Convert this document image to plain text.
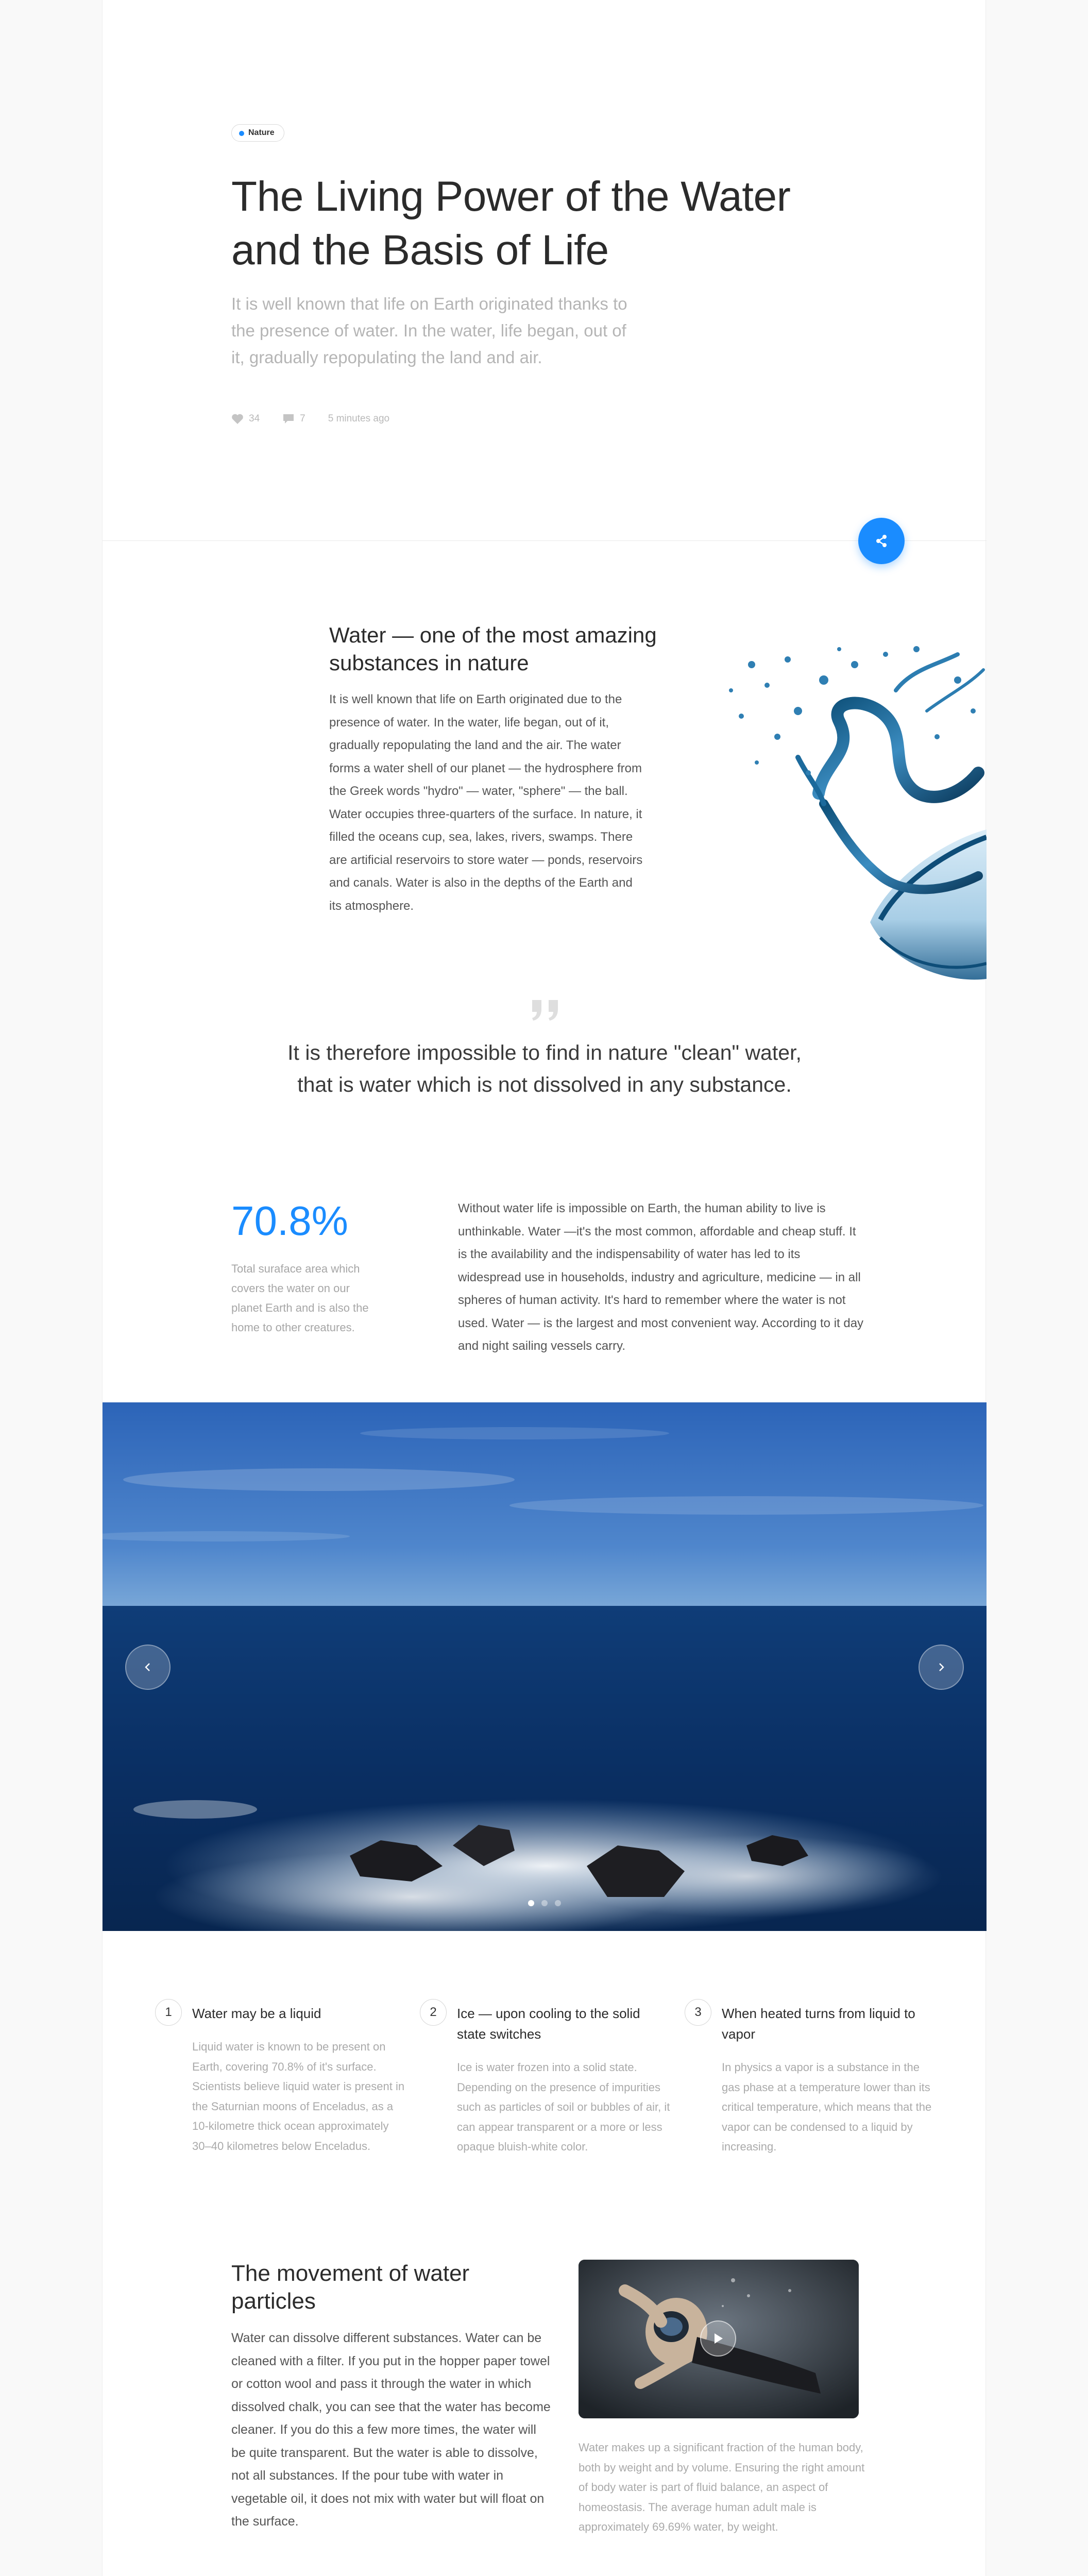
Nature
The Living Power of the Water and the Basis of Life

It is well known that life on Earth originated thanks to the presence of water. In the water, life began, out of it, gradually repopulating the land and air.

34	7 5 minutes ago
Water — one of the most amazing substances in nature

It is well known that life on Earth originated due to the presence of water. In the water, life began, out of it, gradually repopulating the land and the air. The water forms a water shell of our planet — the hydrosphere from the Greek words "hydro" — water, "sphere" — the ball. Water occupies three-quarters of the surface. In nature, it filled the oceans cup, sea, lakes, rivers, swamps. There are artificial reservoirs to store water — ponds, reservoirs and canals. Water is also in the depths of the Earth and its atmosphere.

It is therefore impossible to find in nature "clean" water, that is water which is not dissolved in any substance.

70.8%

Total suraface area which covers the water on our planet Earth and is also the home to other creatures.

Without water life is impossible on Earth, the human ability to live is unthinkable. Water —it's the most common, affordable and cheap stuff. It is the availability and the indispensability of water has led to its widespread use in households, industry and agriculture, medicine — in all spheres of human activity. It's hard to remember where the water is not used. Water — is the largest and most convenient way. According to it day and night sailing vessels carry.

1	Water may be a liquid

Liquid water is known to be present on Earth, covering 70.8% of it's surface. Scientists believe liquid water is present in the Saturnian moons of Enceladus, as a 10-kilometre thick ocean approximately 30–40 kilometres below Enceladus.

2	Ice — upon cooling to the solid state switches

Ice is water frozen into a solid state. Depending on the presence of impurities such as particles of soil or bubbles of air, it can appear transparent or a more or less opaque bluish-white color.

3	When heated turns from liquid to vapor

In physics a vapor is a substance in the gas phase at a temperature lower than its critical temperature, which means that the vapor can be condensed to a liquid by increasing.

The movement of water particles

Water can dissolve different substances. Water can be cleaned with a filter. If you put in the hopper paper towel or cotton wool and pass it through the water in which dissolved chalk, you can see that the water has become cleaner. If you do this a few more times, the water will be quite transparent. But the water is able to dissolve, not all substances. If the pour tube with water in vegetable oil, it does not mix with water but will float on the surface.

Water makes up a significant fraction of the human body, both by weight and by volume. Ensuring the right amount of body water is part of fluid balance, an aspect of homeostasis. The average human adult male is approximately 69.69% water, by weight.
